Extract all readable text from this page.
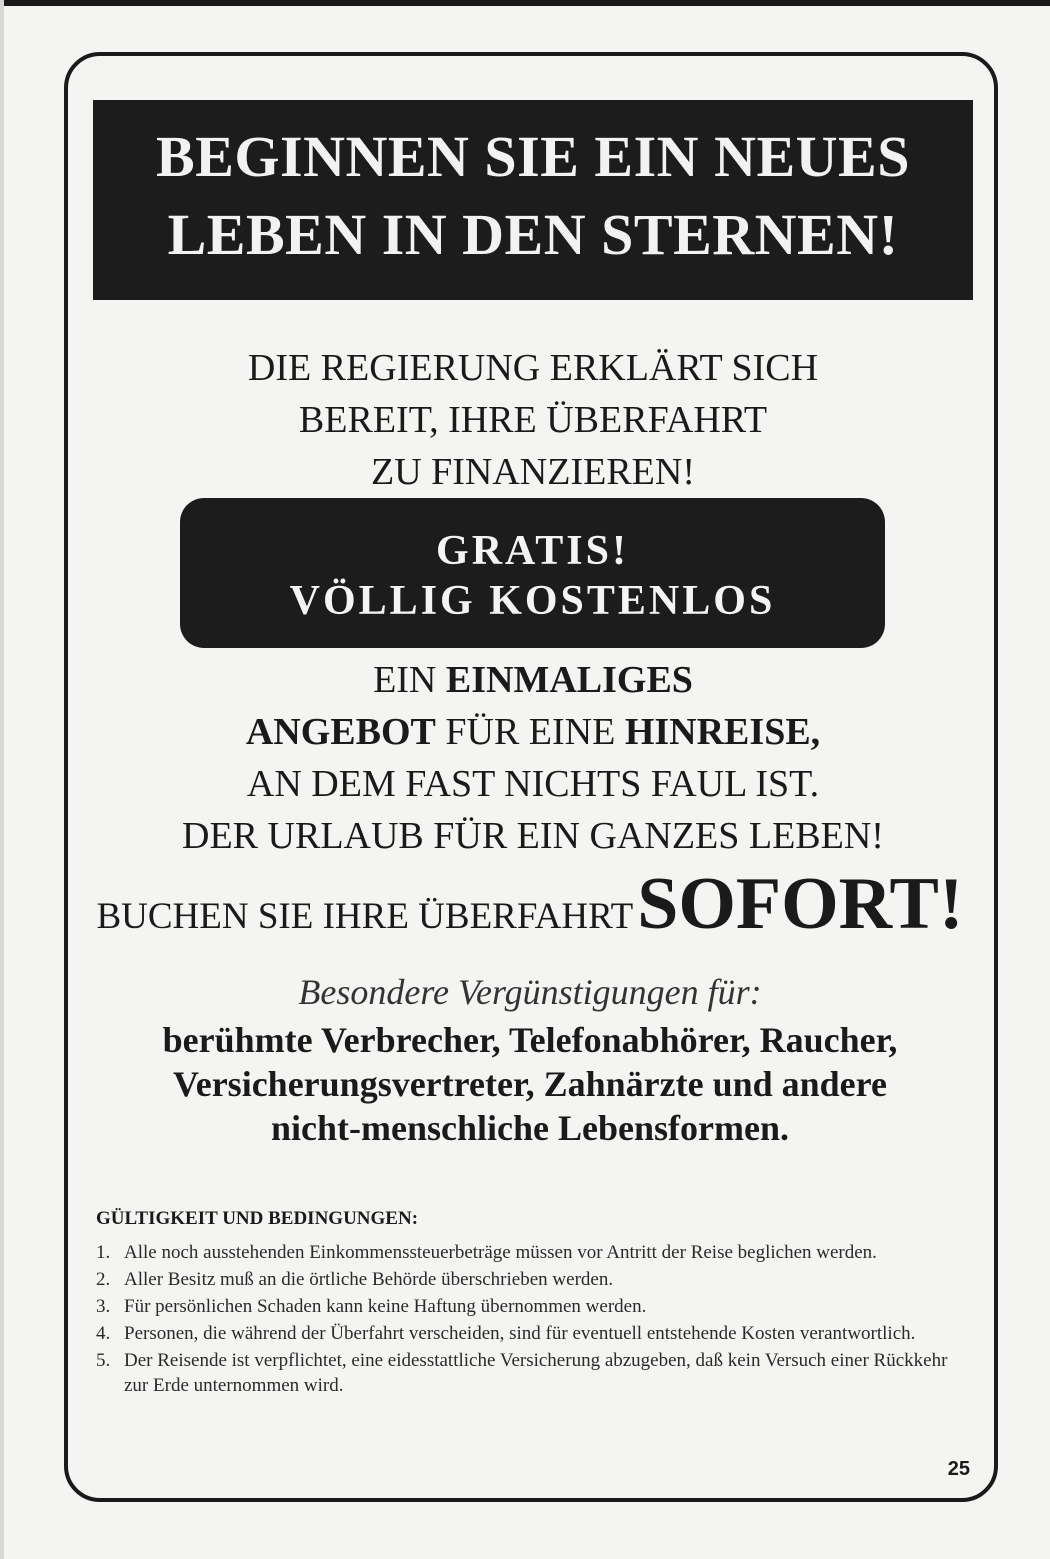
BEGINNEN SIE EIN NEUES
LEBEN IN DEN STERNEN!
DIE REGIERUNG ERKLÄRT SICH
BEREIT, IHRE ÜBERFAHRT
ZU FINANZIEREN!
GRATIS!
VÖLLIG KOSTENLOS
EIN EINMALIGES
ANGEBOT FÜR EINE HINREISE,
AN DEM FAST NICHTS FAUL IST.
DER URLAUB FÜR EIN GANZES LEBEN!
BUCHEN SIE IHRE ÜBERFAHRT SOFORT!
Besondere Vergünstigungen für:
berühmte Verbrecher, Telefonabhörer, Raucher,
Versicherungsvertreter, Zahnärzte und andere
nicht-menschliche Lebensformen.
GÜLTIGKEIT UND BEDINGUNGEN:
1. Alle noch ausstehenden Einkommenssteuerbeträge müssen vor Antritt der Reise beglichen werden.
2. Aller Besitz muß an die örtliche Behörde überschrieben werden.
3. Für persönlichen Schaden kann keine Haftung übernommen werden.
4. Personen, die während der Überfahrt verscheiden, sind für eventuell entstehende Kosten verantwortlich.
5. Der Reisende ist verpflichtet, eine eidesstattliche Versicherung abzugeben, daß kein Versuch einer Rückkehr zur Erde unternommen wird.
25
